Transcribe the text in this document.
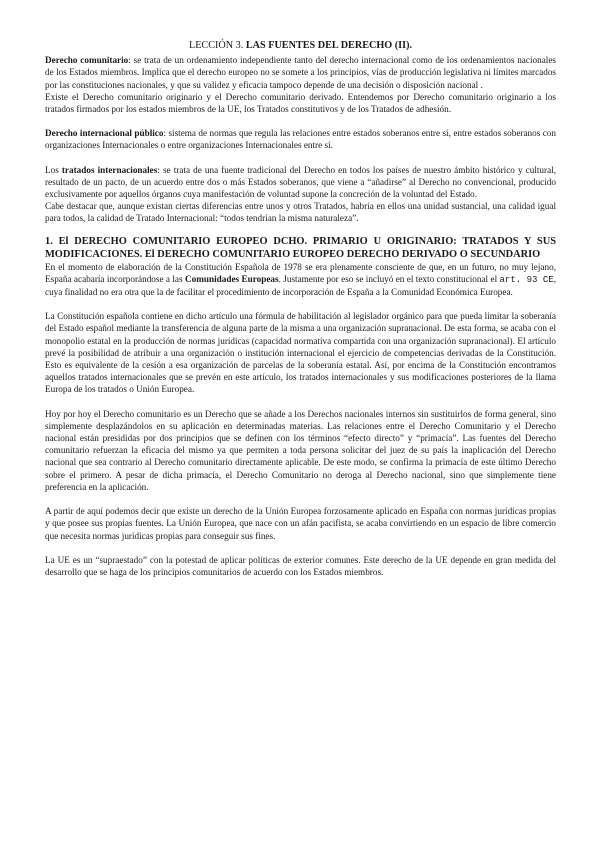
LECCIÓN 3. LAS FUENTES DEL DERECHO (II).

Derecho comunitario: se trata de un ordenamiento independiente tanto del derecho internacional como de los ordenamientos nacionales de los Estados miembros. Implica que el derecho europeo no se somete a los principios, vías de producción legislativa ni límites marcados por las constituciones nacionales, y que su validez y eficacia tampoco depende de una decisión o disposición nacional .

Existe el Derecho comunitario originario y el Derecho comunitario derivado. Entendemos por Derecho comunitario originario a los tratados firmados por los estados miembros de la UE, los Tratados constitutivos y de los Tratados de adhesión.

Derecho internacional público: sistema de normas que regula las relaciones entre estados soberanos entre sí, entre estados soberanos con organizaciones Internacionales o entre organizaciones Internacionales entre sí.

Los tratados internacionales: se trata de una fuente tradicional del Derecho en todos los países de nuestro ámbito histórico y cultural, resultado de un pacto, de un acuerdo entre dos o más Estados soberanos, que viene a “añadirse” al Derecho no convencional, producido exclusivamente por aquellos órganos cuya manifestación de voluntad supone la concreción de la voluntad del Estado.

Cabe destacar que, aunque existan ciertas diferencias entre unos y otros Tratados, habría en ellos una unidad sustancial, una calidad igual para todos, la calidad de Tratado Internacional: “todos tendrían la misma naturaleza”.

1. El DERECHO COMUNITARIO EUROPEO DCHO. PRIMARIO U ORIGINARIO: TRATADOS Y SUS MODIFICACIONES. El DERECHO COMUNITARIO EUROPEO DERECHO DERIVADO O SECUNDARIO

En el momento de elaboración de la Constitución Española de 1978 se era plenamente consciente de que, en un futuro, no muy lejano, España acabaría incorporándose a las Comunidades Europeas. Justamente por eso se incluyó en el texto constitucional el art. 93 CE, cuya finalidad no era otra que la de facilitar el procedimiento de incorporación de España a la Comunidad Económica Europea.

La Constitución española contiene en dicho artículo una fórmula de habilitación al legislador orgánico para que pueda limitar la soberanía del Estado español mediante la transferencia de alguna parte de la misma a una organización supranacional. De esta forma, se acaba con el monopolio estatal en la producción de normas jurídicas (capacidad normativa compartida con una organización supranacional). El artículo prevé la posibilidad de atribuir a una organización o institución internacional el ejercicio de competencias derivadas de la Constitución. Esto es equivalente de la cesión a esa organización de parcelas de la soberanía estatal. Así, por encima de la Constitución encontramos aquellos tratados internacionales que se prevén en este artículo, los tratados internacionales y sus modificaciones posteriores de la llama Europa de los tratados o Unión Europea.

Hoy por hoy el Derecho comunitario es un Derecho que se añade a los Derechos nacionales internos sin sustituirlos de forma general, sino simplemente desplazándolos en su aplicación en determinadas materias. Las relaciones entre el Derecho Comunitario y el Derecho nacional están presididas por dos principios que se definen con los términos “efecto directo” y “primacía”. Las fuentes del Derecho comunitario refuerzan la eficacia del mismo ya que permiten a toda persona solicitar del juez de su país la inaplicación del Derecho nacional que sea contrario al Derecho comunitario directamente aplicable. De este modo, se confirma la primacía de este último Derecho sobre el primero. A pesar de dicha primacía, el Derecho Comunitario no deroga al Derecho nacional, sino que simplemente tiene preferencia en la aplicación.

A partir de aquí podemos decir que existe un derecho de la Unión Europea forzosamente aplicado en España con normas jurídicas propias y que posee sus propias fuentes. La Unión Europea, que nace con un afán pacifista, se acaba convirtiendo en un espacio de libre comercio que necesita normas jurídicas propias para conseguir sus fines.

La UE es un “supraestado” con la potestad de aplicar políticas de exterior comunes. Este derecho de la UE depende en gran medida del desarrollo que se haga de los principios comunitarios de acuerdo con los Estados miembros.
